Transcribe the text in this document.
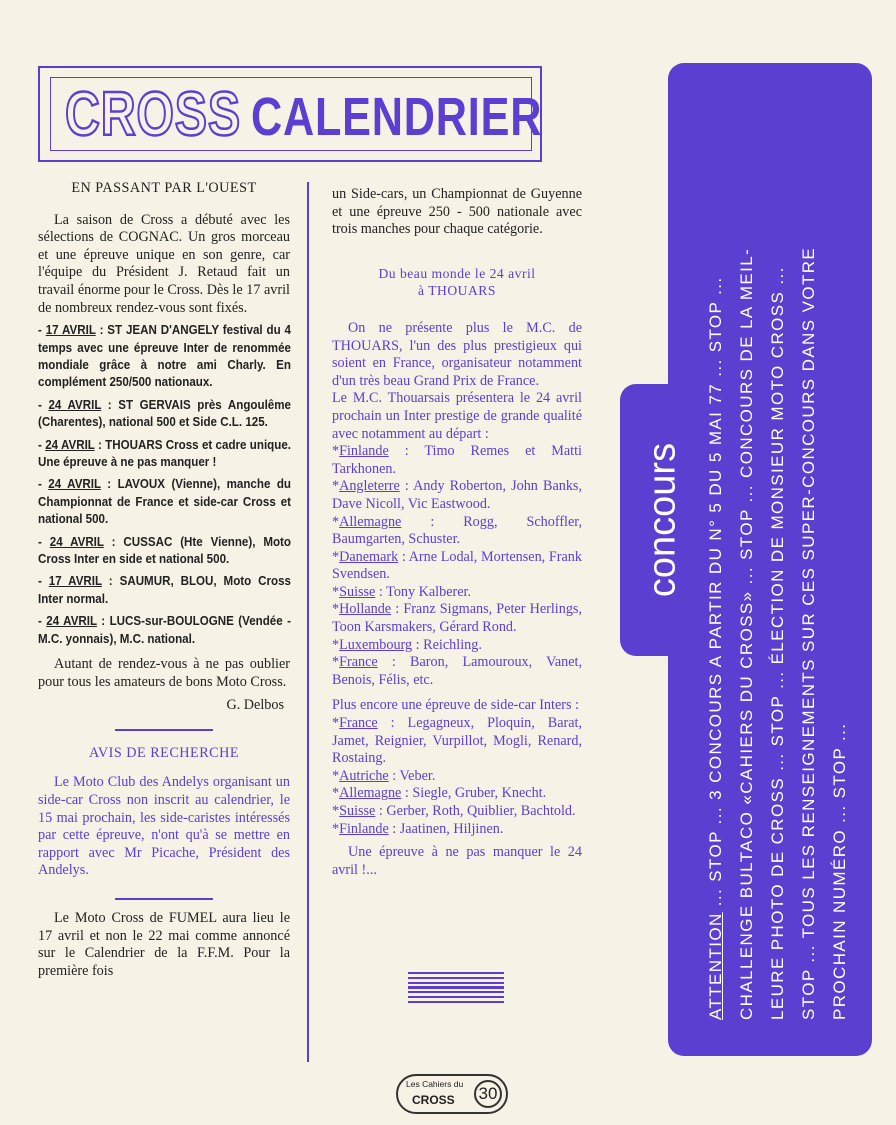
CROSS CALENDRIER
EN PASSANT PAR L'OUEST

La saison de Cross a débuté avec les sélections de COGNAC. Un gros morceau et une épreuve unique en son genre, car l'équipe du Président J. Retaud fait un travail énorme pour le Cross. Dès le 17 avril de nombreux rendez-vous sont fixés.

- 17 AVRIL : ST JEAN D'ANGELY festival du 4 temps avec une épreuve Inter de renommée mondiale grâce à notre ami Charly. En complément 250/500 nationaux.

- 24 AVRIL : ST GERVAIS près Angoulême (Charentes), national 500 et Side C.L. 125.

- 24 AVRIL : THOUARS Cross et cadre unique. Une épreuve à ne pas manquer !

- 24 AVRIL : LAVOUX (Vienne), manche du Championnat de France et side-car Cross et national 500.

- 24 AVRIL : CUSSAC (Hte Vienne), Moto Cross Inter en side et national 500.

- 17 AVRIL : SAUMUR, BLOU, Moto Cross Inter normal.

- 24 AVRIL : LUCS-sur-BOULOGNE (Vendée - M.C. yonnais), M.C. national.

Autant de rendez-vous à ne pas oublier pour tous les amateurs de bons Moto Cross.

G. Delbos
AVIS DE RECHERCHE

Le Moto Club des Andelys organisant un side-car Cross non inscrit au calendrier, le 15 mai prochain, les side-caristes intéressés par cette épreuve, n'ont qu'à se mettre en rapport avec Mr Picache, Président des Andelys.

Le Moto Cross de FUMEL aura lieu le 17 avril et non le 22 mai comme annoncé sur le Calendrier de la F.F.M. Pour la première fois

un Side-cars, un Championnat de Guyenne et une épreuve 250 - 500 nationale avec trois manches pour chaque catégorie.

Du beau monde le 24 avril
à THOUARS

On ne présente plus le M.C. de THOUARS, l'un des plus prestigieux qui soient en France, organisateur notamment d'un très beau Grand Prix de France.

Le M.C. Thouarsais présentera le 24 avril prochain un Inter prestige de grande qualité avec notamment au départ :

*Finlande : Timo Remes et Matti Tarkhonen.

*Angleterre : Andy Roberton, John Banks, Dave Nicoll, Vic Eastwood.

*Allemagne : Rogg, Schoffler, Baumgarten, Schuster.

*Danemark : Arne Lodal, Mortensen, Frank Svendsen.

*Suisse : Tony Kalberer.

*Hollande : Franz Sigmans, Peter Herlings, Toon Karsmakers, Gérard Rond.

*Luxembourg : Reichling.

*France : Baron, Lamouroux, Vanet, Benois, Félis, etc.

Plus encore une épreuve de side-car Inters :

*France : Legagneux, Ploquin, Barat, Jamet, Reignier, Vurpillot, Mogli, Renard, Rostaing.

*Autriche : Veber.

*Allemagne : Siegle, Gruber, Knecht.

*Suisse : Gerber, Roth, Quiblier, Bachtold.

*Finlande : Jaatinen, Hiljinen.

Une épreuve à ne pas manquer le 24 avril !...

concours
ATTENTION ... STOP ... 3 CONCOURS A PARTIR DU N° 5 DU 5 MAI 77 ... STOP ... CHALLENGE BULTACO «CAHIERS DU CROSS» ... STOP ... CONCOURS DE LA MEIL- LEURE PHOTO DE CROSS ... STOP ... ÉLECTION DE MONSIEUR MOTO CROSS ... STOP ... TOUS LES RENSEIGNEMENTS SUR CES SUPER-CONCOURS DANS VOTRE PROCHAIN NUMÉRO ... STOP ...
Les Cahiers du
CROSS 30
